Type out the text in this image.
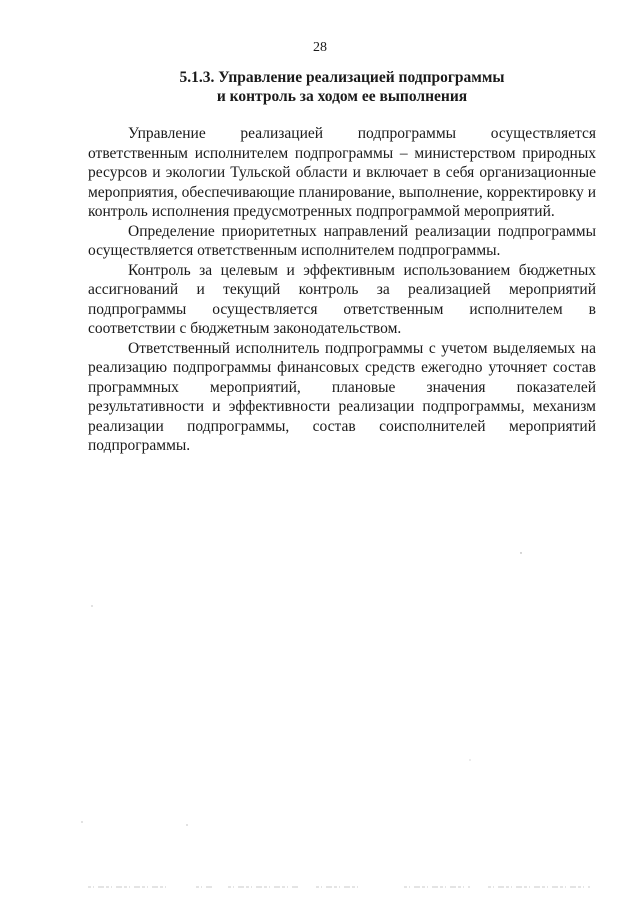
28
5.1.3. Управление реализацией подпрограммы
и контроль за ходом ее выполнения

Управление реализацией подпрограммы осуществляется ответственным исполнителем подпрограммы – министерством природных ресурсов и экологии Тульской области и включает в себя организационные мероприятия, обеспечивающие планирование, выполнение, корректировку и контроль исполнения предусмотренных подпрограммой мероприятий.

Определение приоритетных направлений реализации подпрограммы осуществляется ответственным исполнителем подпрограммы.

Контроль за целевым и эффективным использованием бюджетных ассигнований и текущий контроль за реализацией мероприятий подпрограммы осуществляется ответственным исполнителем в соответствии с бюджетным законодательством.

Ответственный исполнитель подпрограммы с учетом выделяемых на реализацию подпрограммы финансовых средств ежегодно уточняет состав программных мероприятий, плановые значения показателей результативности и эффективности реализации подпрограммы, механизм реализации подпрограммы, состав соисполнителей мероприятий подпрограммы.
